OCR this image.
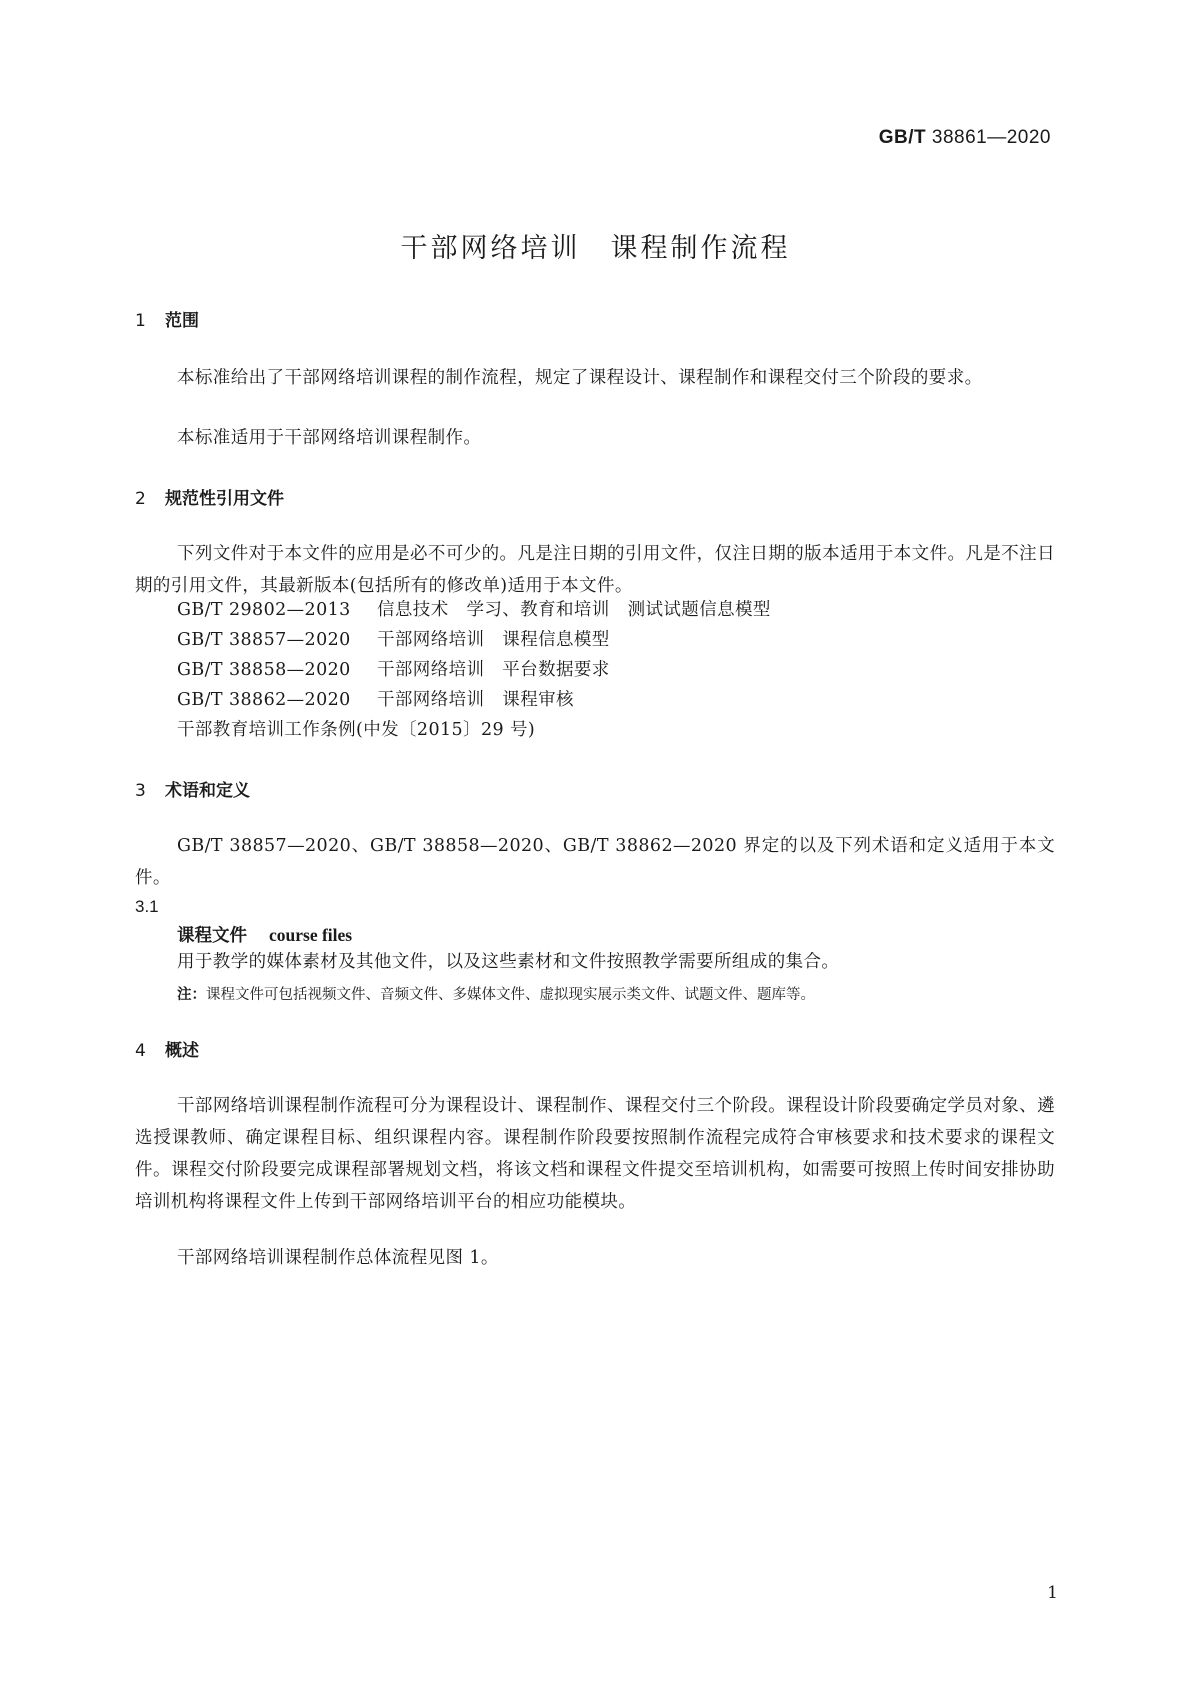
GB/T 38861—2020
干部网络培训　课程制作流程
1 范围
本标准给出了干部网络培训课程的制作流程，规定了课程设计、课程制作和课程交付三个阶段的要求。
本标准适用于干部网络培训课程制作。
2 规范性引用文件
下列文件对于本文件的应用是必不可少的。凡是注日期的引用文件，仅注日期的版本适用于本文件。凡是不注日期的引用文件，其最新版本(包括所有的修改单)适用于本文件。
GB/T 29802—2013 信息技术　学习、教育和培训　测试试题信息模型
GB/T 38857—2020 干部网络培训　课程信息模型
GB/T 38858—2020 干部网络培训　平台数据要求
GB/T 38862—2020 干部网络培训　课程审核
干部教育培训工作条例(中发〔2015〕29 号)
3 术语和定义
GB/T 38857—2020、GB/T 38858—2020、GB/T 38862—2020 界定的以及下列术语和定义适用于本文件。
3.1
课程文件 course files
用于教学的媒体素材及其他文件，以及这些素材和文件按照教学需要所组成的集合。
注：课程文件可包括视频文件、音频文件、多媒体文件、虚拟现实展示类文件、试题文件、题库等。
4 概述
干部网络培训课程制作流程可分为课程设计、课程制作、课程交付三个阶段。课程设计阶段要确定学员对象、遴选授课教师、确定课程目标、组织课程内容。课程制作阶段要按照制作流程完成符合审核要求和技术要求的课程文件。课程交付阶段要完成课程部署规划文档，将该文档和课程文件提交至培训机构，如需要可按照上传时间安排协助培训机构将课程文件上传到干部网络培训平台的相应功能模块。
干部网络培训课程制作总体流程见图 1。
1
